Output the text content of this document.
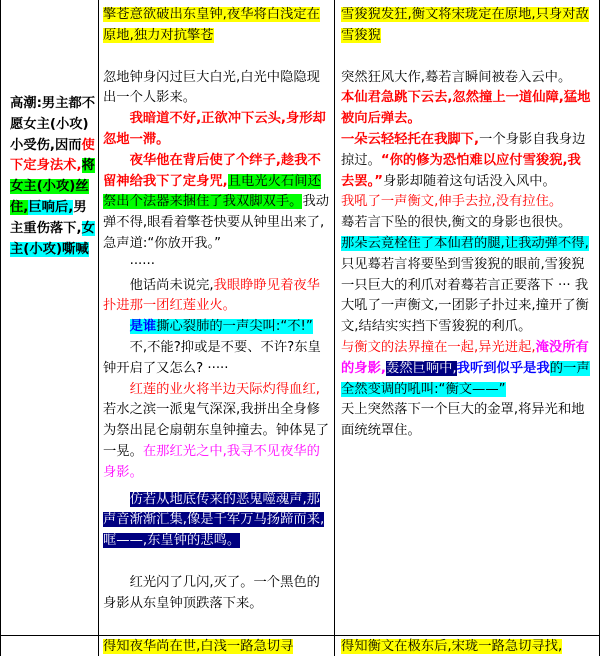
高潮:男主都不愿女主(小攻)小受伤,因而使下定身法术,将女主(小攻)丝住,巨响后,男主重伤落下,女主(小攻)嘶喊

擎苍意欲破出东皇钟,夜华将白浅定在原地,独力对抗擎苍

忽地钟身闪过巨大白光,白光中隐隐现出一个人影来。

我暗道不好,正欲冲下云头,身形却忽地一滞。

夜华他在背后使了个绊子,趁我不留神给我下了定身咒,且电光火石间还祭出个法器来捆住了我双脚双手。我动弹不得,眼看着擎苍快要从钟里出来了,急声道:“你放开我。”

······

他话尚未说完,我眼睁睁见着夜华扑进那一团红莲业火。

是谁撕心裂肺的一声尖叫:“不!”

不,不能?抑或是不要、不许?东皇钟开启了又怎么? ·····

红莲的业火将半边天际灼得血红,若水之滨一派鬼气深深,我拼出全身修为祭出昆仑扇朝东皇钟撞去。钟体晃了一晃。在那红光之中,我寻不见夜华的身影。

仿若从地底传来的恶鬼噬魂声,那声音渐渐汇集,像是千军万马扬蹄而来,哐——,东皇钟的悲鸣。

红光闪了几闪,灭了。一个黑色的身影从东皇钟顶跌落下来。

雪狻猊发狂,衡文将宋珑定在原地,只身对敌雪狻猊

突然狂风大作,蓦若言瞬间被卷入云中。

本仙君急跳下云去,忽然撞上一道仙障,猛地被向后弹去。

一朵云轻轻托在我脚下,一个身影自我身边掠过。“你的修为恐怕难以应付雪狻猊,我去罢。”身影却随着这句话没入风中。

我吼了一声衡文,伸手去拉,没有拉住。

蓦若言下坠的很快,衡文的身影也很快。

那朵云竟栓住了本仙君的腿,让我动弹不得,只见蓦若言将要坠到雪狻猊的眼前,雪狻猊一只巨大的利爪对着蓦若言正要落下 ··· 我大吼了一声衡文,一团影子扑过来,撞开了衡文,结结实实挡下雪狻猊的利爪。

与衡文的法界撞在一起,异光迸起,淹没所有的身影,轰然巨响中,我听到似乎是我的一声全然变调的吼叫:“衡文——”

天上突然落下一个巨大的金罩,将异光和地面统统罩住。

得知夜华尚在世,白浅一路急切寻	得知衡文在极东后,宋珑一路急切寻找,
